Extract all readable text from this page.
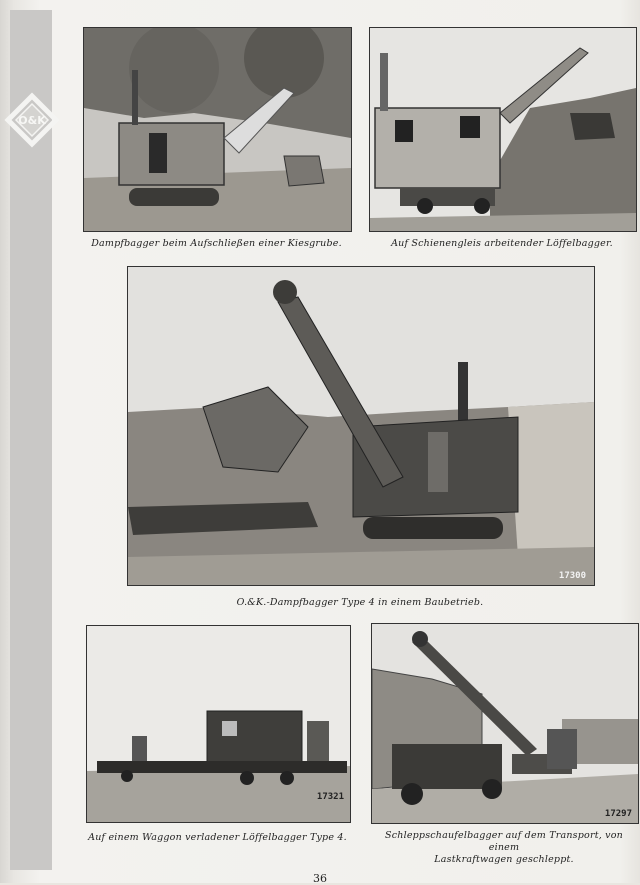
O&K
Dampfbagger beim Aufschließen einer Kiesgrube.	Auf Schienengleis arbeitender Löffelbagger.
17300
O.&K.-Dampfbagger Type 4 in einem Baubetrieb.
17321
Auf einem Waggon verladener Löffelbagger Type 4.
17297
Schleppschaufelbagger auf dem Transport, von einem
Lastkraftwagen geschleppt.
36
